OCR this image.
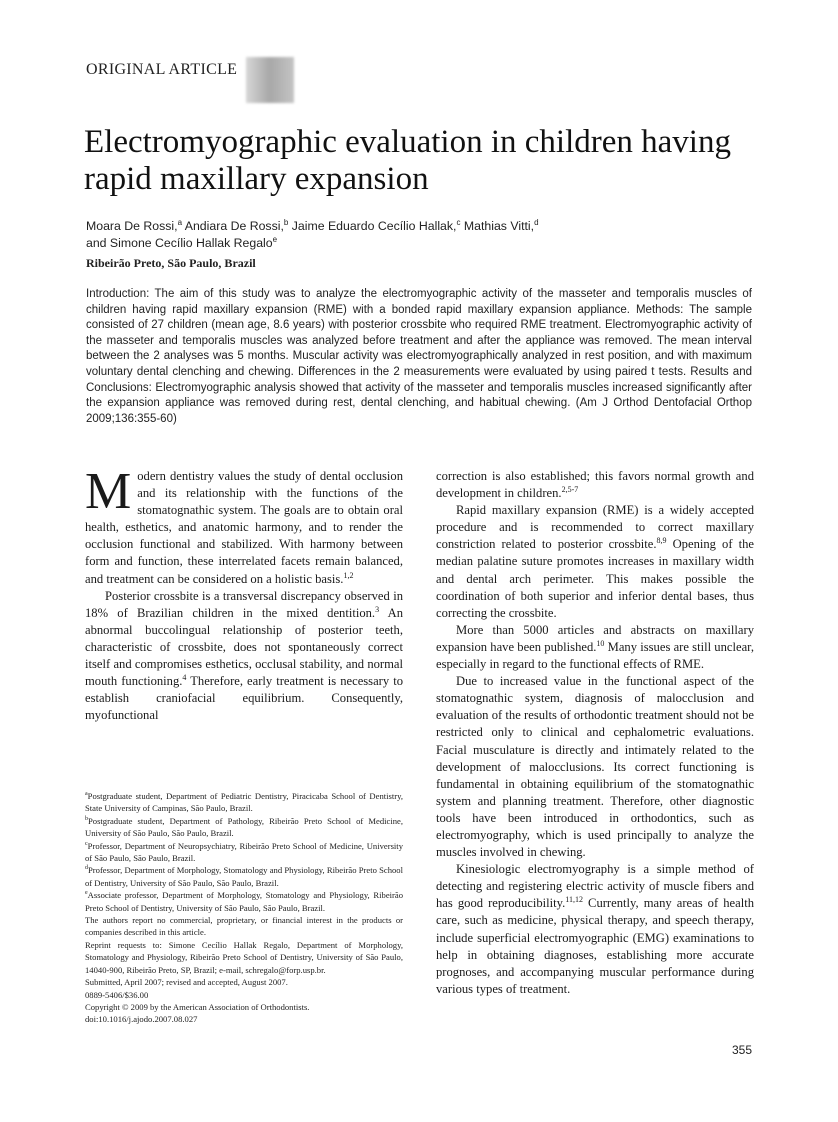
ORIGINAL ARTICLE
Electromyographic evaluation in children having rapid maxillary expansion
Moara De Rossi,$^a$ Andiara De Rossi,$^b$ Jaime Eduardo Cecílio Hallak,$^c$ Mathias Vitti,$^d$
and Simone Cecílio Hallak Regalo$^e$
Ribeirão Preto, São Paulo, Brazil
Introduction: The aim of this study was to analyze the electromyographic activity of the masseter and temporalis muscles of children having rapid maxillary expansion (RME) with a bonded rapid maxillary expansion appliance. Methods: The sample consisted of 27 children (mean age, 8.6 years) with posterior crossbite who required RME treatment. Electromyographic activity of the masseter and temporalis muscles was analyzed before treatment and after the appliance was removed. The mean interval between the 2 analyses was 5 months. Muscular activity was electromyographically analyzed in rest position, and with maximum voluntary dental clenching and chewing. Differences in the 2 measurements were evaluated by using paired t tests. Results and Conclusions: Electromyographic analysis showed that activity of the masseter and temporalis muscles increased significantly after the expansion appliance was removed during rest, dental clenching, and habitual chewing. (Am J Orthod Dentofacial Orthop 2009;136:355-60)

Modern dentistry values the study of dental occlusion and its relationship with the functions of the stomatognathic system. The goals are to obtain oral health, esthetics, and anatomic harmony, and to render the occlusion functional and stabilized. With harmony between form and function, these interrelated facets remain balanced, and treatment can be considered on a holistic basis.$^{1,2}$

Posterior crossbite is a transversal discrepancy observed in 18% of Brazilian children in the mixed dentition.$^3$ An abnormal buccolingual relationship of posterior teeth, characteristic of crossbite, does not spontaneously correct itself and compromises esthetics, occlusal stability, and normal mouth functioning.$^4$ Therefore, early treatment is necessary to establish craniofacial equilibrium. Consequently, myofunctional

$^a$Postgraduate student, Department of Pediatric Dentistry, Piracicaba School of Dentistry, State University of Campinas, São Paulo, Brazil.
$^b$Postgraduate student, Department of Pathology, Ribeirão Preto School of Medicine, University of São Paulo, São Paulo, Brazil.
$^c$Professor, Department of Neuropsychiatry, Ribeirão Preto School of Medicine, University of São Paulo, São Paulo, Brazil.
$^d$Professor, Department of Morphology, Stomatology and Physiology, Ribeirão Preto School of Dentistry, University of São Paulo, São Paulo, Brazil.
$^e$Associate professor, Department of Morphology, Stomatology and Physiology, Ribeirão Preto School of Dentistry, University of São Paulo, São Paulo, Brazil.
The authors report no commercial, proprietary, or financial interest in the products or companies described in this article.
Reprint requests to: Simone Cecílio Hallak Regalo, Department of Morphology, Stomatology and Physiology, Ribeirão Preto School of Dentistry, University of São Paulo, 14040-900, Ribeirão Preto, SP, Brazil; e-mail, schregalo@forp.usp.br.
Submitted, April 2007; revised and accepted, August 2007.
0889-5406/$36.00
Copyright © 2009 by the American Association of Orthodontists.
doi:10.1016/j.ajodo.2007.08.027

correction is also established; this favors normal growth and development in children.$^{2,5-7}$

Rapid maxillary expansion (RME) is a widely accepted procedure and is recommended to correct maxillary constriction related to posterior crossbite.$^{8,9}$ Opening of the median palatine suture promotes increases in maxillary width and dental arch perimeter. This makes possible the coordination of both superior and inferior dental bases, thus correcting the crossbite.

More than 5000 articles and abstracts on maxillary expansion have been published.$^{10}$ Many issues are still unclear, especially in regard to the functional effects of RME.

Due to increased value in the functional aspect of the stomatognathic system, diagnosis of malocclusion and evaluation of the results of orthodontic treatment should not be restricted only to clinical and cephalometric evaluations. Facial musculature is directly and intimately related to the development of malocclusions. Its correct functioning is fundamental in obtaining equilibrium of the stomatognathic system and planning treatment. Therefore, other diagnostic tools have been introduced in orthodontics, such as electromyography, which is used principally to analyze the muscles involved in chewing.

Kinesiologic electromyography is a simple method of detecting and registering electric activity of muscle fibers and has good reproducibility.$^{11,12}$ Currently, many areas of health care, such as medicine, physical therapy, and speech therapy, include superficial electromyographic (EMG) examinations to help in obtaining diagnoses, establishing more accurate prognoses, and accompanying muscular performance during various types of treatment.

355
